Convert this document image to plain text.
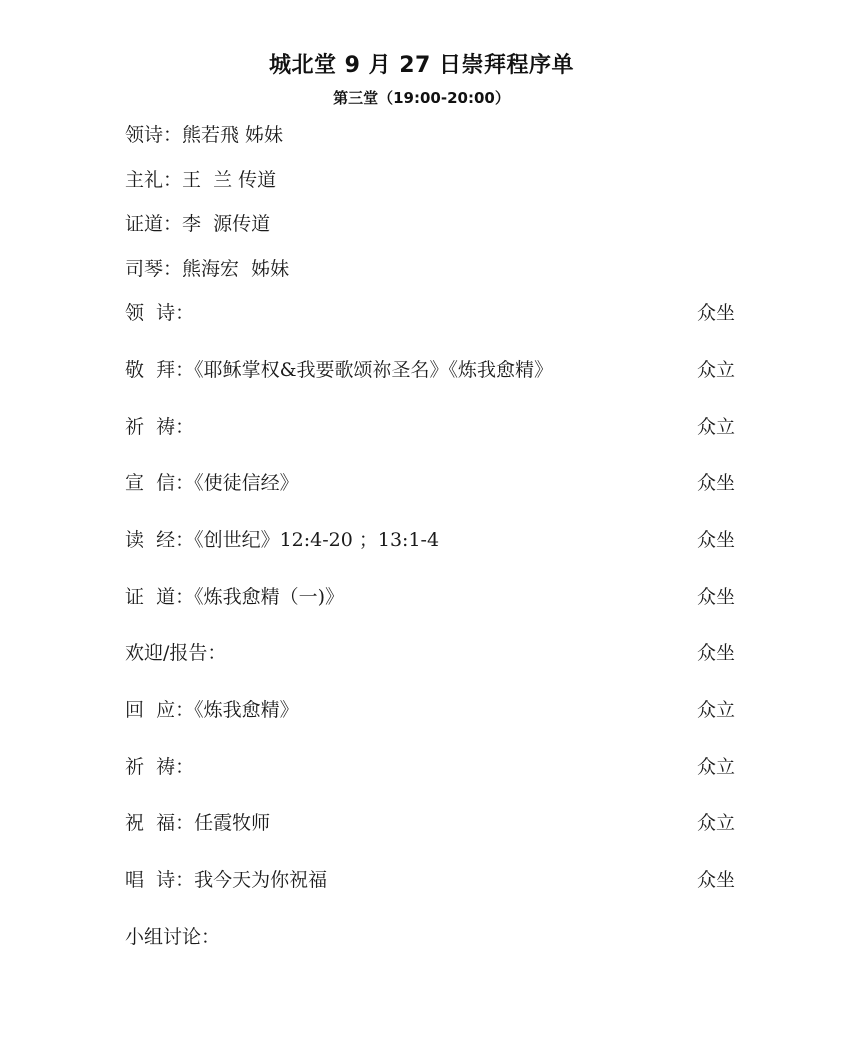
城北堂 9 月 27 日崇拜程序单
第三堂（19:00-20:00）
领诗：熊若飛 姊妹
主礼：王  兰 传道
证道：李  源传道
司琴：熊海宏  姊妹
领  诗：	众坐
敬  拜：《耶稣掌权&我要歌颂祢圣名》《炼我愈精》	众立
祈  祷：	众立
宣  信：《使徒信经》	众坐
读  经：《创世纪》12:4-20 ；13:1-4	众坐
证  道：《炼我愈精（一)》	众坐
欢迎/报告：	众坐
回  应：《炼我愈精》	众立
祈  祷：	众立
祝  福：任霞牧师	众立
唱  诗：我今天为你祝福	众坐
小组讨论：
